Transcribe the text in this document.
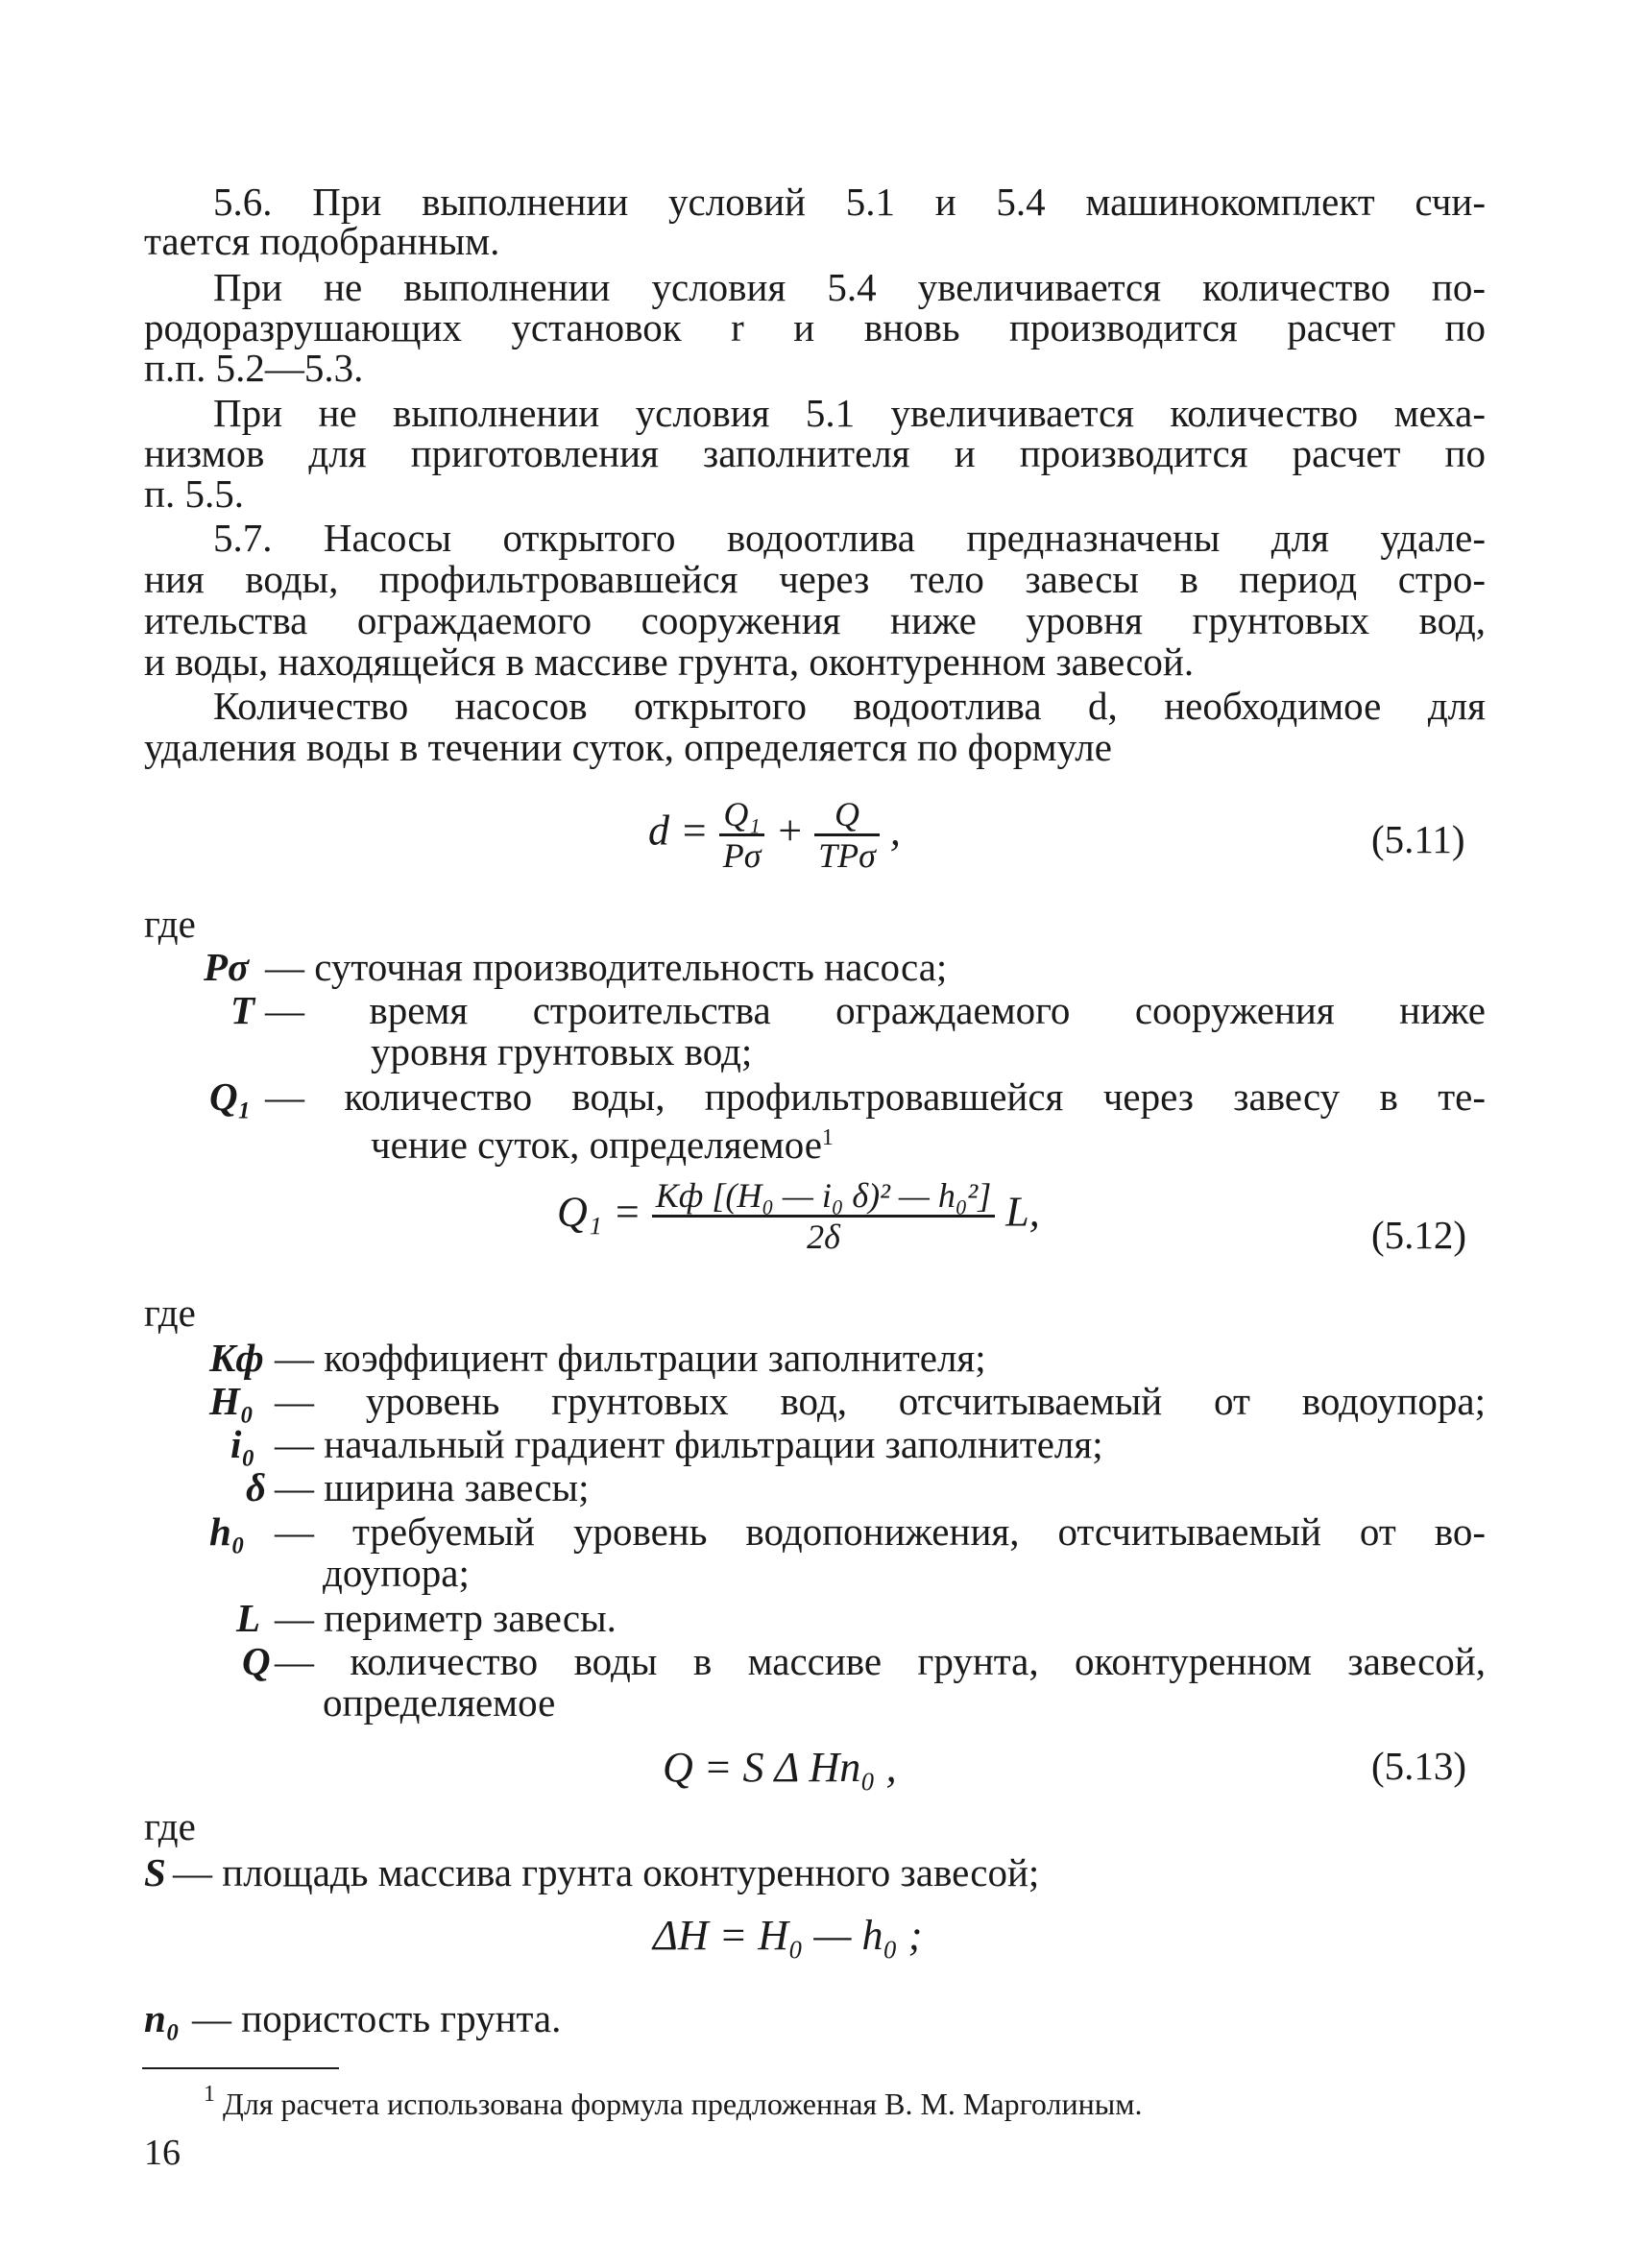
5.6. При выполнении условий 5.1 и 5.4 машинокомплект счи-
тается подобранным.
При не выполнении условия 5.4 увеличивается количество по-
родоразрушающих установок r и вновь производится расчет по
п.п. 5.2—5.3.
При не выполнении условия 5.1 увеличивается количество меха-
низмов для приготовления заполнителя и производится расчет по
п. 5.5.
5.7. Насосы открытого водоотлива предназначены для удале-
ния воды, профильтровавшейся через тело завесы в период стро-
ительства ограждаемого сооружения ниже уровня грунтовых вод,
и воды, находящейся в массиве грунта, оконтуренном завесой.
Количество насосов открытого водоотлива d, необходимое для
удаления воды в течении суток, определяется по формуле
$d = \frac{\text{Q₁}}{P\sigma} + \frac{Q}{\text{TPσ}}$ ,	(5.11)
где
Pσ — суточная производительность насоса;
T — время строительства ограждаемого сооружения ниже
уровня грунтовых вод;
Q₁ — количество воды, профильтровавшейся через завесу в те-
чение суток, определяемое$^1$
$Q_1 = \frac{\text{Kф [(H₀ — i₀ δ)² — h₀²]}}{2\delta} L$,	(5.12)
где
Kф — коэффициент фильтрации заполнителя;
H₀ — уровень грунтовых вод, отсчитываемый от водоупора;
i₀ — начальный градиент фильтрации заполнителя;
δ — ширина завесы;
h₀ — требуемый уровень водопонижения, отсчитываемый от во-
доупора;
L — периметр завесы.
Q — количество воды в массиве грунта, оконтуренном завесой,
определяемое
Q = S Δ Hn₀ ,	(5.13)
где
S — площадь массива грунта оконтуренного завесой;
ΔH = H₀ — h₀ ;
n₀ — пористость грунта.
$^1$ Для расчета использована формула предложенная В. М. Марголиным.
16
